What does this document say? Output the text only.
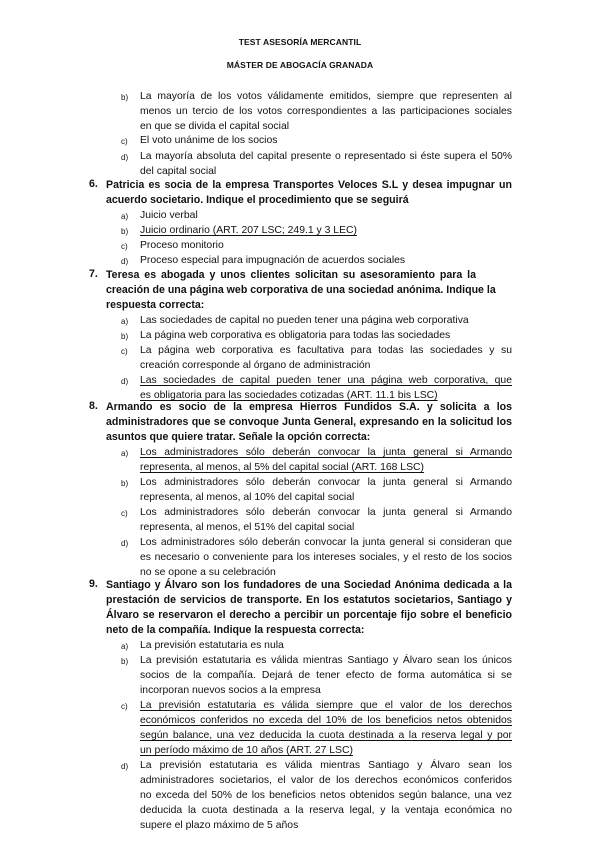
TEST ASESORÍA MERCANTIL
MÁSTER DE ABOGACÍA GRANADA
b) La mayoría de los votos válidamente emitidos, siempre que representen al
menos un tercio de los votos correspondientes a las participaciones sociales
en que se divida el capital social
c) El voto unánime de los socios
d) La mayoría absoluta del capital presente o representado si éste supera el 50%
del capital social
6. Patricia es socia de la empresa Transportes Veloces S.L y desea impugnar un
acuerdo societario. Indique el procedimiento que se seguirá
a) Juicio verbal
b) Juicio ordinario (ART. 207 LSC; 249.1 y 3 LEC)
c) Proceso monitorio
d) Proceso especial para impugnación de acuerdos sociales
7. Teresa es abogada y unos clientes solicitan su asesoramiento para la
creación de una página web corporativa de una sociedad anónima. Indique la
respuesta correcta:
a) Las sociedades de capital no pueden tener una página web corporativa
b) La página web corporativa es obligatoria para todas las sociedades
c) La página web corporativa es facultativa para todas las sociedades y su
creación corresponde al órgano de administración
d) Las sociedades de capital pueden tener una página web corporativa, que
es obligatoria para las sociedades cotizadas (ART. 11.1 bis LSC)
8. Armando es socio de la empresa Hierros Fundidos S.A. y solicita a los
administradores que se convoque Junta General, expresando en la solicitud los
asuntos que quiere tratar. Señale la opción correcta:
a) Los administradores sólo deberán convocar la junta general si Armando
representa, al menos, al 5% del capital social (ART. 168 LSC)
b) Los administradores sólo deberán convocar la junta general si Armando
representa, al menos, al 10% del capital social
c) Los administradores sólo deberán convocar la junta general si Armando
representa, al menos, el 51% del capital social
d) Los administradores sólo deberán convocar la junta general si consideran que
es necesario o conveniente para los intereses sociales, y el resto de los socios
no se opone a su celebración
9. Santiago y Álvaro son los fundadores de una Sociedad Anónima dedicada a la
prestación de servicios de transporte. En los estatutos societarios, Santiago y
Álvaro se reservaron el derecho a percibir un porcentaje fijo sobre el beneficio
neto de la compañía. Indique la respuesta correcta:
a) La previsión estatutaria es nula
b) La previsión estatutaria es válida mientras Santiago y Álvaro sean los únicos
socios de la compañía. Dejará de tener efecto de forma automática si se
incorporan nuevos socios a la empresa
c) La previsión estatutaria es válida siempre que el valor de los derechos
económicos conferidos no exceda del 10% de los beneficios netos obtenidos
según balance, una vez deducida la cuota destinada a la reserva legal y por
un período máximo de 10 años (ART. 27 LSC)
d) La previsión estatutaria es válida mientras Santiago y Álvaro sean los
administradores societarios, el valor de los derechos económicos conferidos
no exceda del 50% de los beneficios netos obtenidos según balance, una vez
deducida la cuota destinada a la reserva legal, y la ventaja económica no
supere el plazo máximo de 5 años
